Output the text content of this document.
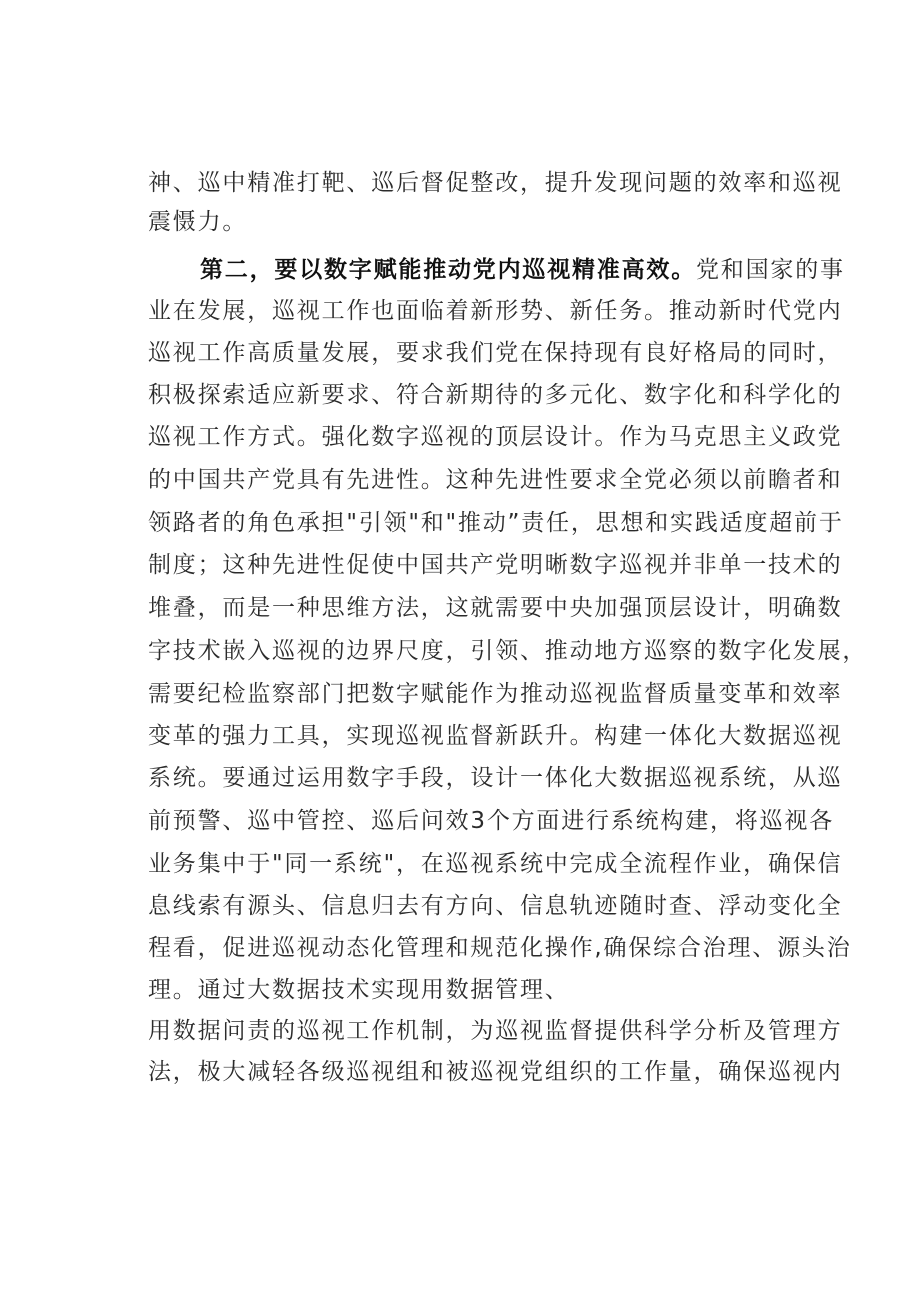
神、巡中精准打靶、巡后督促整改，提升发现问题的效率和巡视
震慑力。
第二，要以数字赋能推动党内巡视精准高效。党和国家的事
业在发展，巡视工作也面临着新形势、新任务。推动新时代党内
巡视工作高质量发展，要求我们党在保持现有良好格局的同时，
积极探索适应新要求、符合新期待的多元化、数字化和科学化的
巡视工作方式。强化数字巡视的顶层设计。作为马克思主义政党
的中国共产党具有先进性。这种先进性要求全党必须以前瞻者和
领路者的角色承担"引领"和"推动”责任，思想和实践适度超前于
制度；这种先进性促使中国共产党明晰数字巡视并非单一技术的
堆叠，而是一种思维方法，这就需要中央加强顶层设计，明确数
字技术嵌入巡视的边界尺度，引领、推动地方巡察的数字化发展，
需要纪检监察部门把数字赋能作为推动巡视监督质量变革和效率
变革的强力工具，实现巡视监督新跃升。构建一体化大数据巡视
系统。要通过运用数字手段，设计一体化大数据巡视系统，从巡
前预警、巡中管控、巡后问效3个方面进行系统构建，将巡视各
业务集中于"同一系统"，在巡视系统中完成全流程作业，确保信
息线索有源头、信息归去有方向、信息轨迹随时查、浮动变化全
程看，促进巡视动态化管理和规范化操作,确保综合治理、源头治
理。通过大数据技术实现用数据管理、
用数据问责的巡视工作机制，为巡视监督提供科学分析及管理方
法，极大减轻各级巡视组和被巡视党组织的工作量，确保巡视内
